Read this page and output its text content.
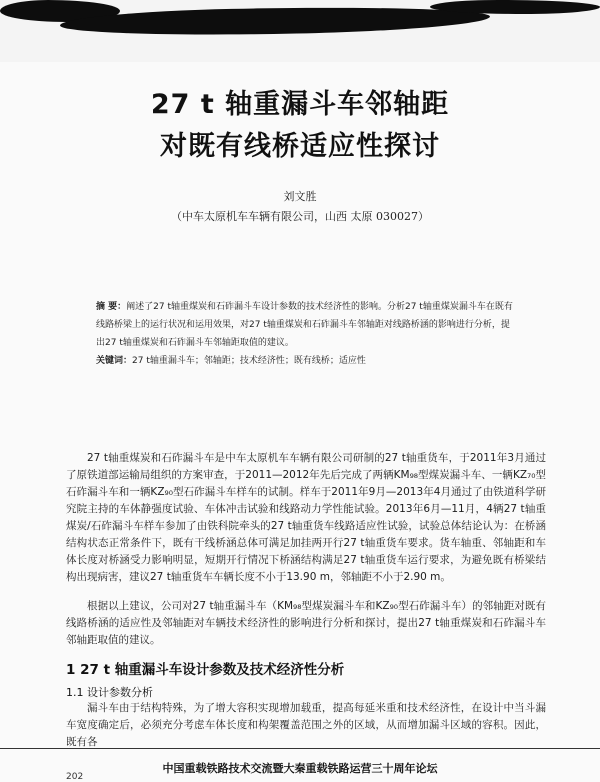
27 t 轴重漏斗车邻轴距
对既有线桥适应性探讨
刘文胜
（中车太原机车车辆有限公司，山西 太原 030027）
摘 要：阐述了27 t轴重煤炭和石砟漏斗车设计参数的技术经济性的影响。分析27 t轴重煤炭漏斗车在既有线路桥梁上的运行状况和运用效果，对27 t轴重煤炭和石砟漏斗车邻轴距对线路桥涵的影响进行分析，提出27 t轴重煤炭和石砟漏斗车邻轴距取值的建议。
关键词：27 t轴重漏斗车；邻轴距；技术经济性；既有线桥；适应性
27 t轴重煤炭和石砟漏斗车是中车太原机车车辆有限公司研制的27 t轴重货车，于2011年3月通过了原铁道部运输局组织的方案审查，于2011—2012年先后完成了两辆KM₉₈型煤炭漏斗车、一辆KZ₇₀型石砟漏斗车和一辆KZ₉₀型石砟漏斗车样车的试制。样车于2011年9月—2013年4月通过了由铁道科学研究院主持的车体静强度试验、车体冲击试验和线路动力学性能试验。2013年6月—11月，4辆27 t轴重煤炭/石砟漏斗车样车参加了由铁科院牵头的27 t轴重货车线路适应性试验，试验总体结论认为：在桥涵结构状态正常条件下，既有干线桥涵总体可满足加挂两开行27 t轴重货车要求。货车轴重、邻轴距和车体长度对桥涵受力影响明显，短期开行情况下桥涵结构满足27 t轴重货车运行要求，为避免既有桥梁结构出现病害，建议27 t轴重货车车辆长度不小于13.90 m，邻轴距不小于2.90 m。
根据以上建议，公司对27 t轴重漏斗车（KM₉₈型煤炭漏斗车和KZ₉₀型石砟漏斗车）的邻轴距对既有线路桥涵的适应性及邻轴距对车辆技术经济性的影响进行分析和探讨，提出27 t轴重煤炭和石砟漏斗车邻轴距取值的建议。
1 27 t 轴重漏斗车设计参数及技术经济性分析
1.1 设计参数分析
漏斗车由于结构特殊，为了增大容积实现增加载重，提高每延米重和技术经济性，在设计中当斗漏车宽度确定后，必须充分考虑车体长度和构架覆盖范围之外的区域，从而增加漏斗区域的容积。因此，既有各
中国重载铁路技术交流暨大秦重载铁路运营三十周年论坛
202
